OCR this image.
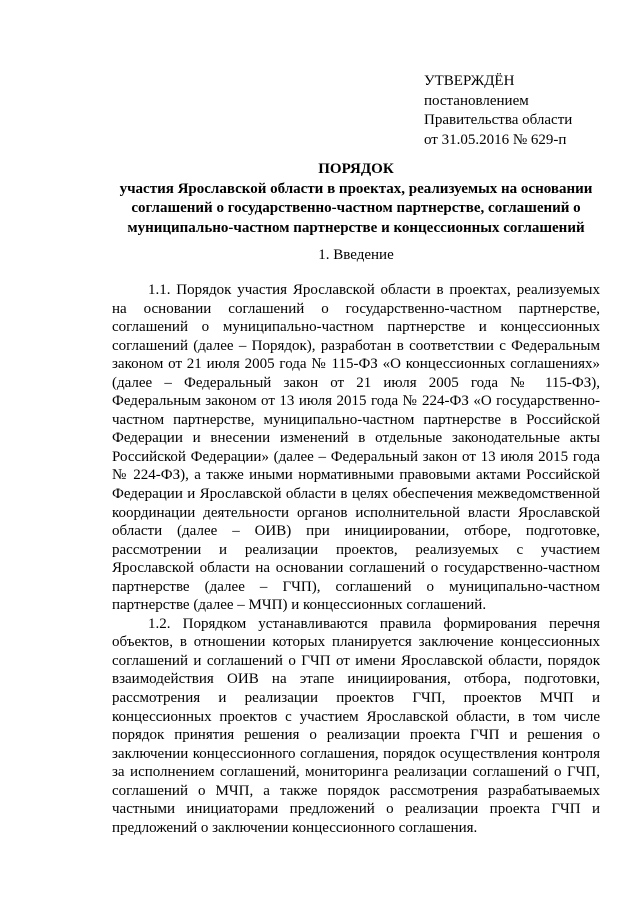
УТВЕРЖДЁН
постановлением
Правительства области
от 31.05.2016 № 629-п
ПОРЯДОК
участия Ярославской области в проектах, реализуемых на основании соглашений о государственно-частном партнерстве, соглашений о муниципально-частном партнерстве и концессионных соглашений
1. Введение

1.1. Порядок участия Ярославской области в проектах, реализуемых на основании соглашений о государственно-частном партнерстве, соглашений о муниципально-частном партнерстве и концессионных соглашений (далее – Порядок), разработан в соответствии с Федеральным законом от 21 июля 2005 года № 115-ФЗ «О концессионных соглашениях» (далее – Федеральный закон от 21 июля 2005 года № 115-ФЗ), Федеральным законом от 13 июля 2015 года № 224-ФЗ «О государственно-частном партнерстве, муниципально-частном партнерстве в Российской Федерации и внесении изменений в отдельные законодательные акты Российской Федерации» (далее – Федеральный закон от 13 июля 2015 года № 224-ФЗ), а также иными нормативными правовыми актами Российской Федерации и Ярославской области в целях обеспечения межведомственной координации деятельности органов исполнительной власти Ярославской области (далее – ОИВ) при инициировании, отборе, подготовке, рассмотрении и реализации проектов, реализуемых с участием Ярославской области на основании соглашений о государственно-частном партнерстве (далее – ГЧП), соглашений о муниципально-частном партнерстве (далее – МЧП) и концессионных соглашений.

1.2. Порядком устанавливаются правила формирования перечня объектов, в отношении которых планируется заключение концессионных соглашений и соглашений о ГЧП от имени Ярославской области, порядок взаимодействия ОИВ на этапе инициирования, отбора, подготовки, рассмотрения и реализации проектов ГЧП, проектов МЧП и концессионных проектов с участием Ярославской области, в том числе порядок принятия решения о реализации проекта ГЧП и решения о заключении концессионного соглашения, порядок осуществления контроля за исполнением соглашений, мониторинга реализации соглашений о ГЧП, соглашений о МЧП, а также порядок рассмотрения разрабатываемых частными инициаторами предложений о реализации проекта ГЧП и предложений о заключении концессионного соглашения.
